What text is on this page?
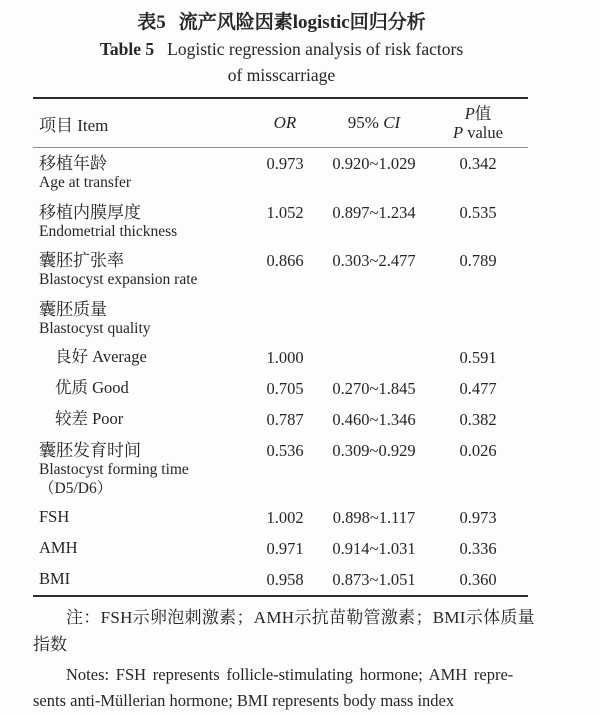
表5 流产风险因素logistic回归分析
Table 5 Logistic regression analysis of risk factors
of misscarriage
项目 Item	OR	95% CI	P值
P value

移植年龄
Age at transfer	0.973	0.920~1.029	0.342

移植内膜厚度
Endometrial thickness	1.052	0.897~1.234	0.535

囊胚扩张率
Blastocyst expansion rate	0.866	0.303~2.477	0.789

囊胚质量
Blastocyst quality			

良好 Average	1.000		0.591

优质 Good	0.705	0.270~1.845	0.477

较差 Poor	0.787	0.460~1.346	0.382

囊胚发育时间
Blastocyst forming time
（D5/D6）	0.536	0.309~0.929	0.026

FSH	1.002	0.898~1.117	0.973

AMH	0.971	0.914~1.031	0.336

BMI	0.958	0.873~1.051	0.360
注：FSH示卵泡刺激素；AMH示抗苗勒管激素；BMI示体质量
指数
Notes: FSH represents follicle-stimulating hormone; AMH repre-
sents anti-Müllerian hormone; BMI represents body mass index
